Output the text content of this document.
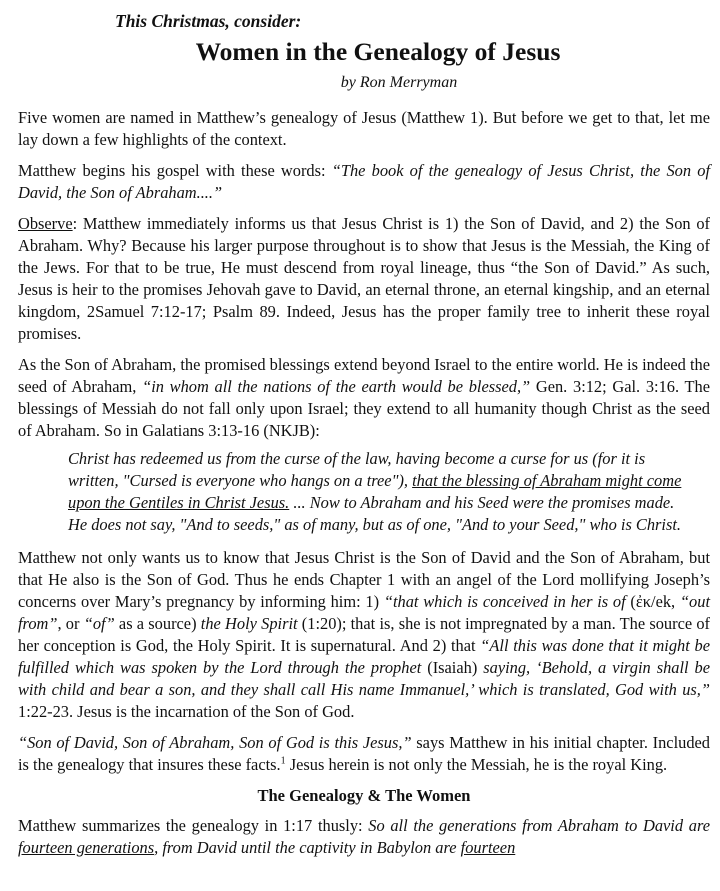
This Christmas, consider:
Women in the Genealogy of Jesus
by Ron Merryman

Five women are named in Matthew’s genealogy of Jesus (Matthew 1). But before we get to that, let me lay down a few highlights of the context.

Matthew begins his gospel with these words: “The book of the genealogy of Jesus Christ, the Son of David, the Son of Abraham....”

Observe: Matthew immediately informs us that Jesus Christ is 1) the Son of David, and 2) the Son of Abraham. Why? Because his larger purpose throughout is to show that Jesus is the Messiah, the King of the Jews. For that to be true, He must descend from royal lineage, thus “the Son of David.” As such, Jesus is heir to the promises Jehovah gave to David, an eternal throne, an eternal kingship, and an eternal kingdom, 2Samuel 7:12-17; Psalm 89. Indeed, Jesus has the proper family tree to inherit these royal promises.

As the Son of Abraham, the promised blessings extend beyond Israel to the entire world. He is indeed the seed of Abraham, “in whom all the nations of the earth would be blessed,” Gen. 3:12; Gal. 3:16. The blessings of Messiah do not fall only upon Israel; they extend to all humanity though Christ as the seed of Abraham. So in Galatians 3:13-16 (NKJB):

Christ has redeemed us from the curse of the law, having become a curse for us (for it is written, "Cursed is everyone who hangs on a tree"), that the blessing of Abraham might come upon the Gentiles in Christ Jesus. ... Now to Abraham and his Seed were the promises made. He does not say, "And to seeds," as of many, but as of one, "And to your Seed," who is Christ.

Matthew not only wants us to know that Jesus Christ is the Son of David and the Son of Abraham, but that He also is the Son of God. Thus he ends Chapter 1 with an angel of the Lord mollifying Joseph’s concerns over Mary’s pregnancy by informing him: 1) “that which is conceived in her is of (ἐκ/ek, “out from”, or “of” as a source) the Holy Spirit (1:20); that is, she is not impregnated by a man. The source of her conception is God, the Holy Spirit. It is supernatural. And 2) that “All this was done that it might be fulfilled which was spoken by the Lord through the prophet (Isaiah) saying, ‘Behold, a virgin shall be with child and bear a son, and they shall call His name Immanuel,’ which is translated, God with us,” 1:22-23. Jesus is the incarnation of the Son of God.

“Son of David, Son of Abraham, Son of God is this Jesus,” says Matthew in his initial chapter. Included is the genealogy that insures these facts.$^1$ Jesus herein is not only the Messiah, he is the royal King.

The Genealogy & The Women

Matthew summarizes the genealogy in 1:17 thusly: So all the generations from Abraham to David are fourteen generations, from David until the captivity in Babylon are fourteen
